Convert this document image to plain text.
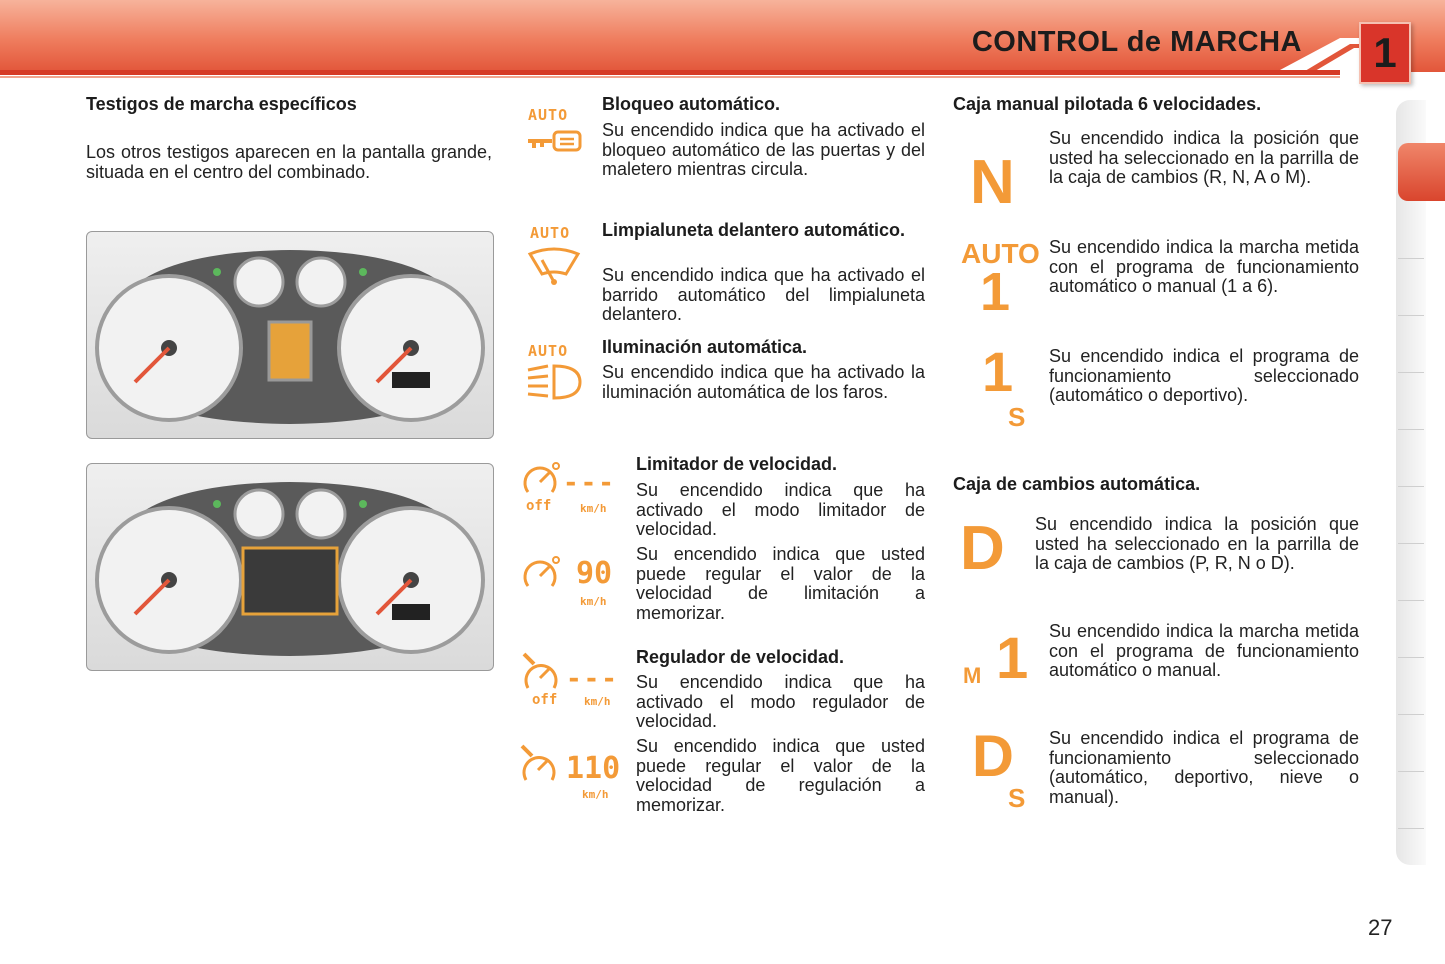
CONTROL de MARCHA	1
Testigos de marcha específicos
Los otros testigos aparecen en la pantalla grande, situada en el centro del combinado.
AUTO
Bloqueo automático.
Su encendido indica que ha activado el bloqueo automático de las puertas y del maletero mientras circula.
AUTO Limpialuneta delantero automático.
Su encendido indica que ha activado el barrido automático del limpialuneta delantero.
AUTO Iluminación automática.
Su encendido indica que ha activado la iluminación automática de los faros.
---
off	km/h
Limitador de velocidad.
Su encendido indica que ha activado el modo limitador de velocidad.
90
km/h
Su encendido indica que usted puede regular el valor de la velocidad de limitación a memorizar.
---
off km/h
Regulador de velocidad.
Su encendido indica que ha activado el modo regulador de velocidad.
110
km/h
Su encendido indica que usted puede regular el valor de la velocidad de regulación a memorizar.
Caja manual pilotada 6 velocidades.
N
Su encendido indica la posición que usted ha seleccionado en la parrilla de la caja de cambios (R, N, A o M).
AUTO
1
Su encendido indica la marcha metida con el programa de funcionamiento automático o manual (1 a 6).
1
S
Su encendido indica el programa de funcionamiento seleccionado (automático o deportivo).
Caja de cambios automática.
D Su encendido indica la posición que usted ha seleccionado en la parrilla de la caja de cambios (P, R, N o D).
M 1 Su encendido indica la marcha metida con el programa de funcionamiento automático o manual.
D
S
Su encendido indica el programa de funcionamiento seleccionado (automático, deportivo, nieve o manual).
27
